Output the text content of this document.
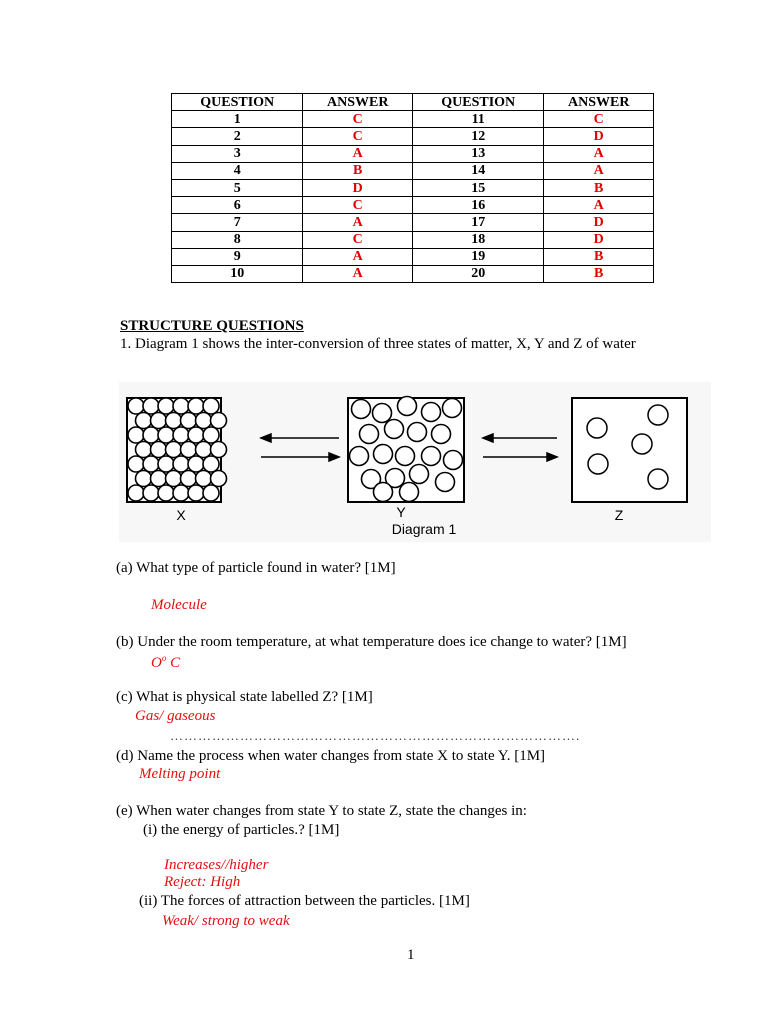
QUESTION	ANSWER	QUESTION	ANSWER
1	C	11	C
2	C	12	D
3	A	13	A
4	B	14	A
5	D	15	B
6	C	16	A
7	A	17	D
8	C	18	D
9	A	19	B
10	A	20	B
STRUCTURE QUESTIONS
1. Diagram 1 shows the inter-conversion of three states of matter, X, Y and Z of water
X	Y	Z
Diagram 1
(a) What type of particle found in water? [1M]
Molecule
(b) Under the room temperature, at what temperature does ice change to water? [1M]
$O^o$ C
(c) What is physical state labelled Z? [1M]
Gas/ gaseous
…………………………………………………………………………….
(d) Name the process when water changes from state X to state Y. [1M]
Melting point
(e) When water changes from state Y to state Z, state the changes in:
(i) the energy of particles.? [1M]
Increases//higher
Reject: High
(ii) The forces of attraction between the particles. [1M]
Weak/ strong to weak
1
